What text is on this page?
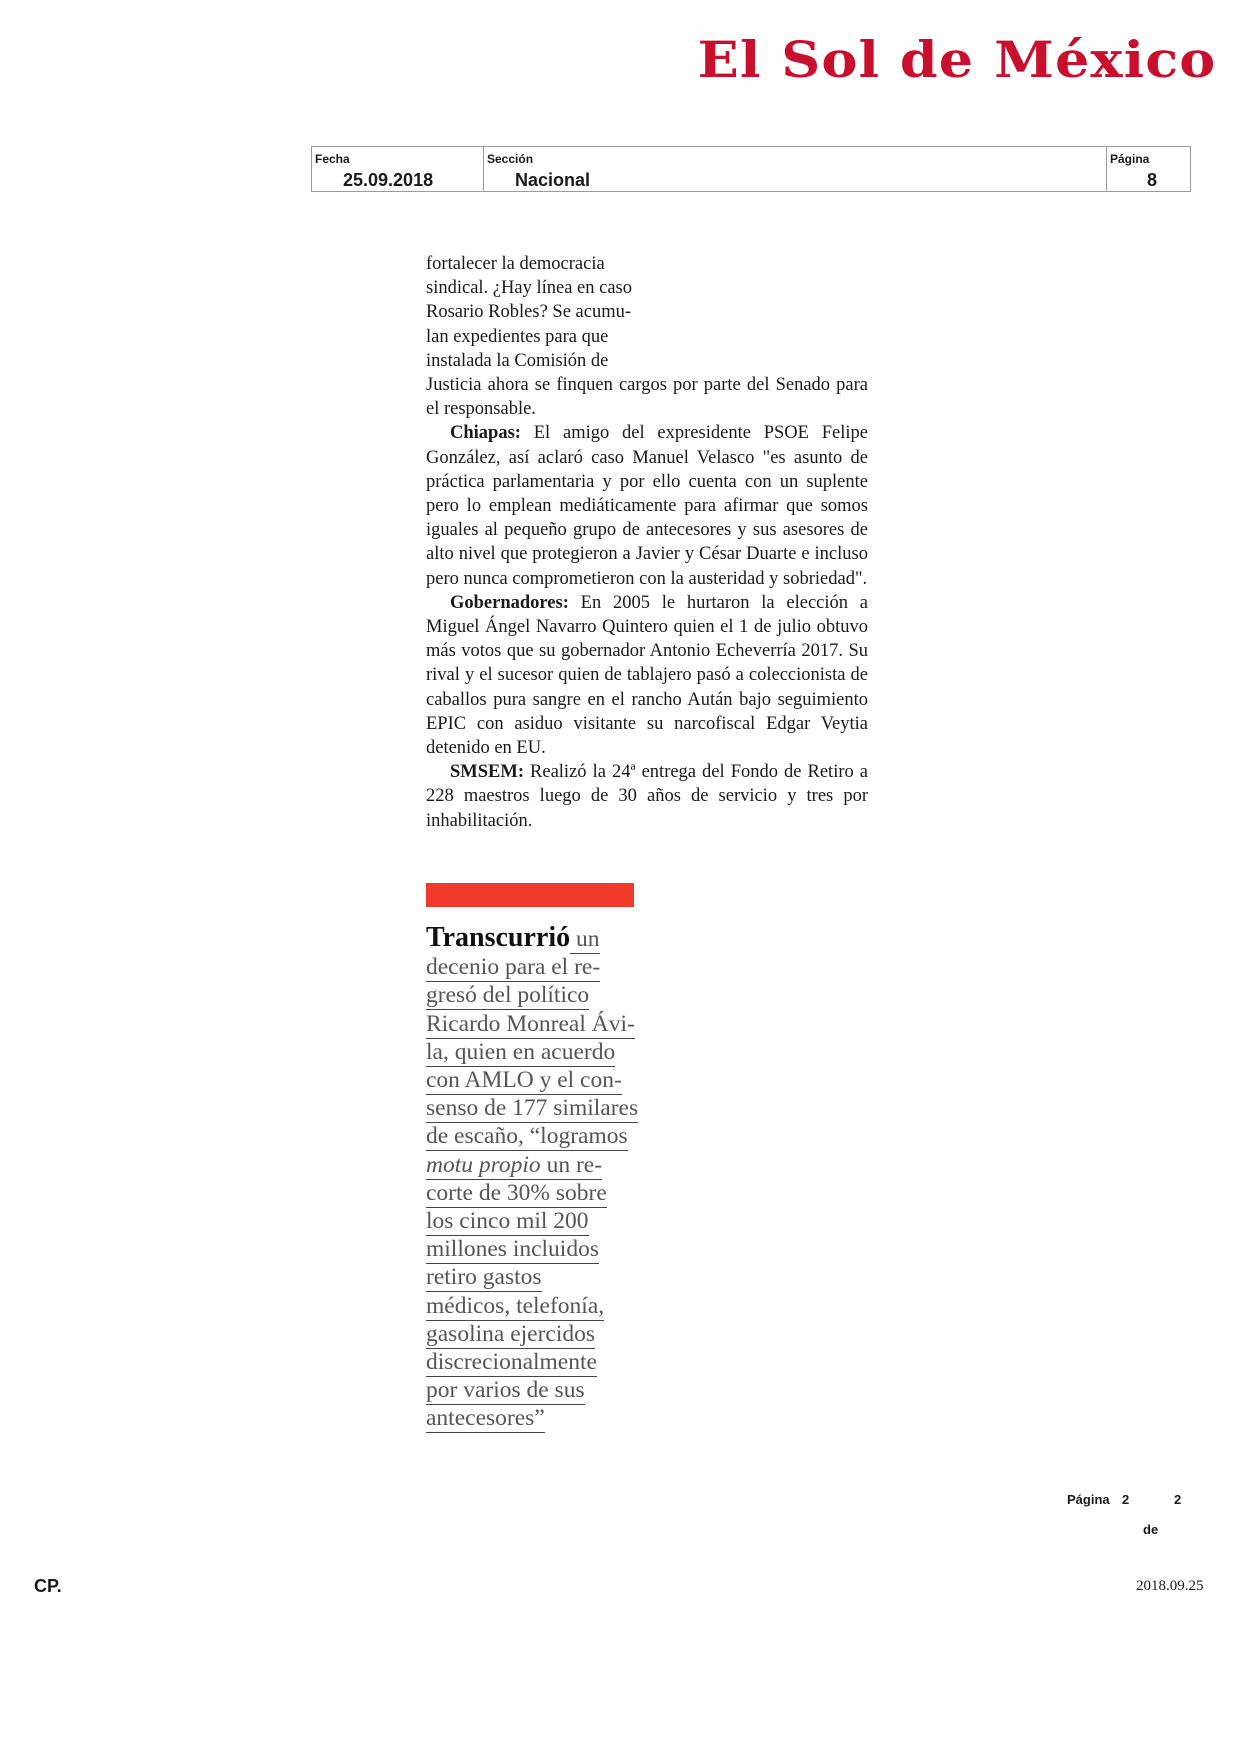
El Sol de México
Fecha
25.09.2018
Sección
Nacional
Página
8

fortalecer la democracia

sindical. ¿Hay línea en caso

Rosario Robles? Se acumu-

lan expedientes para que

instalada la Comisión de

Justicia ahora se finquen cargos por parte del Senado para el responsable.

Chiapas: El amigo del expresidente PSOE Felipe González, así aclaró caso Manuel Velasco "es asunto de práctica parlamentaria y por ello cuenta con un suplente pero lo emplean mediáticamente para afirmar que somos iguales al pequeño grupo de antecesores y sus asesores de alto nivel que protegieron a Javier y César Duarte e incluso pero nunca comprometieron con la austeridad y sobriedad".

Gobernadores: En 2005 le hurtaron la elección a Miguel Ángel Navarro Quintero quien el 1 de julio obtuvo más votos que su gobernador Antonio Echeverría 2017. Su rival y el sucesor quien de tablajero pasó a coleccionista de caballos pura sangre en el rancho Aután bajo seguimiento EPIC con asiduo visitante su narcofiscal Edgar Veytia detenido en EU.

SMSEM: Realizó la 24ª entrega del Fondo de Retiro a 228 maestros luego de 30 años de servicio y tres por inhabilitación.

Transcurrió un
decenio para el re-
gresó del político
Ricardo Monreal Ávi-
la, quien en acuerdo
con AMLO y el con-
senso de 177 similares
de escaño, “logramos
motu propio un re-
corte de 30% sobre
los cinco mil 200
millones incluidos
retiro gastos
médicos, telefonía,
gasolina ejercidos
discrecionalmente
por varios de sus
antecesores”
Página 2	2
de
CP.	2018.09.25
